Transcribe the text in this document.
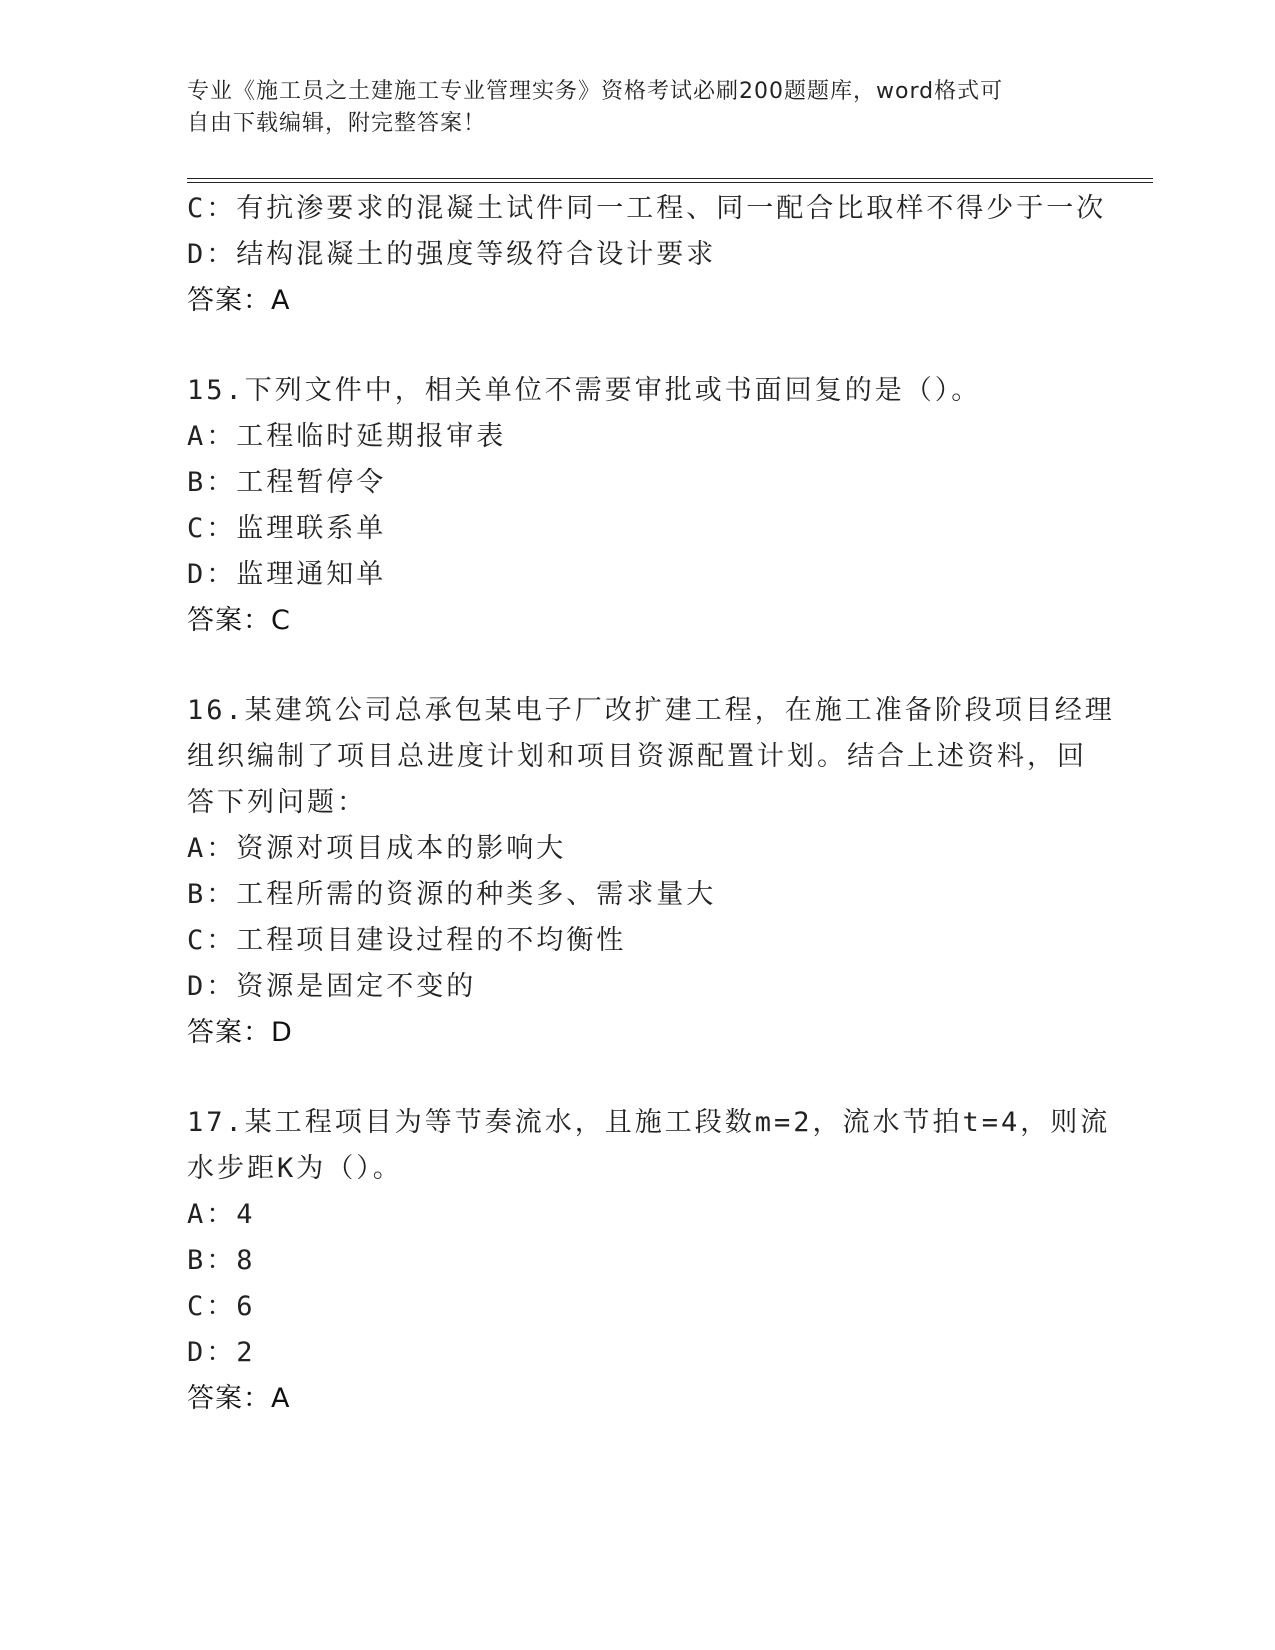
专业《施工员之土建施工专业管理实务》资格考试必刷200题题库，word格式可
自由下载编辑，附完整答案！
C：有抗渗要求的混凝土试件同一工程、同一配合比取样不得少于一次
D：结构混凝土的强度等级符合设计要求
答案：A
15.下列文件中，相关单位不需要审批或书面回复的是（）。
A：工程临时延期报审表
B：工程暂停令
C：监理联系单
D：监理通知单
答案：C
16.某建筑公司总承包某电子厂改扩建工程，在施工准备阶段项目经理
组织编制了项目总进度计划和项目资源配置计划。结合上述资料，回
答下列问题：
A：资源对项目成本的影响大
B：工程所需的资源的种类多、需求量大
C：工程项目建设过程的不均衡性
D：资源是固定不变的
答案：D
17.某工程项目为等节奏流水，且施工段数m=2，流水节拍t=4，则流
水步距K为（）。
A：4
B：8
C：6
D：2
答案：A
